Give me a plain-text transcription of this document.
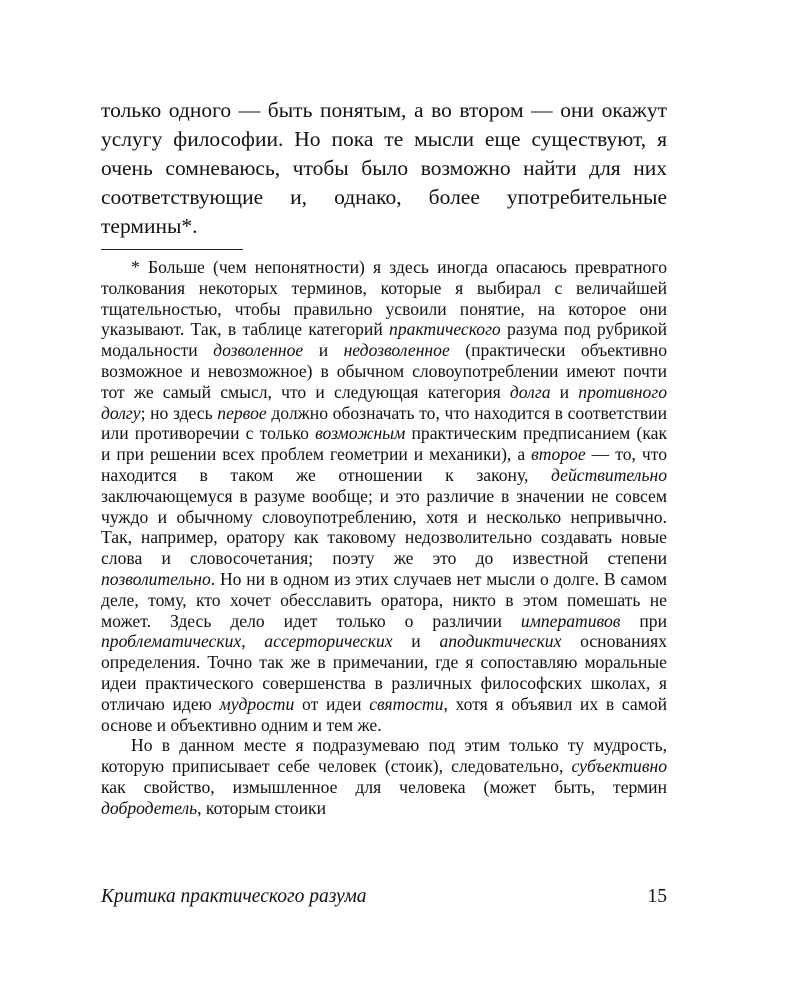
только одного — быть понятым, а во втором — они окажут услугу философии. Но пока те мысли еще существуют, я очень сомневаюсь, чтобы было возможно найти для них соответствующие и, однако, более употребительные термины*.

* Больше (чем непонятности) я здесь иногда опасаюсь превратного толкования некоторых терминов, которые я выбирал с величайшей тщательностью, чтобы правильно усвоили понятие, на которое они указывают. Так, в таблице категорий практического разума под рубрикой модальности дозволенное и недозволенное (практически объективно возможное и невозможное) в обычном словоупотреблении имеют почти тот же самый смысл, что и следующая категория долга и противного долгу; но здесь первое должно обозначать то, что находится в соответствии или противоречии с только возможным практическим предписанием (как и при решении всех проблем геометрии и механики), а второе — то, что находится в таком же отношении к закону, действительно заключающемуся в разуме вообще; и это различие в значении не совсем чуждо и обычному словоупотреблению, хотя и несколько непривычно. Так, например, оратору как таковому недозволительно создавать новые слова и словосочетания; поэту же это до известной степени позволительно. Но ни в одном из этих случаев нет мысли о долге. В самом деле, тому, кто хочет обесславить оратора, никто в этом помешать не может. Здесь дело идет только о различии императивов при проблематических, ассерторических и аподиктических основаниях определения. Точно так же в примечании, где я сопоставляю моральные идеи практического совершенства в различных философских школах, я отличаю идею мудрости от идеи святости, хотя я объявил их в самой основе и объективно одним и тем же.

Но в данном месте я подразумеваю под этим только ту мудрость, которую приписывает себе человек (стоик), следовательно, субъективно как свойство, измышленное для человека (может быть, термин добродетель, которым стоики

Критика практического разума	15
